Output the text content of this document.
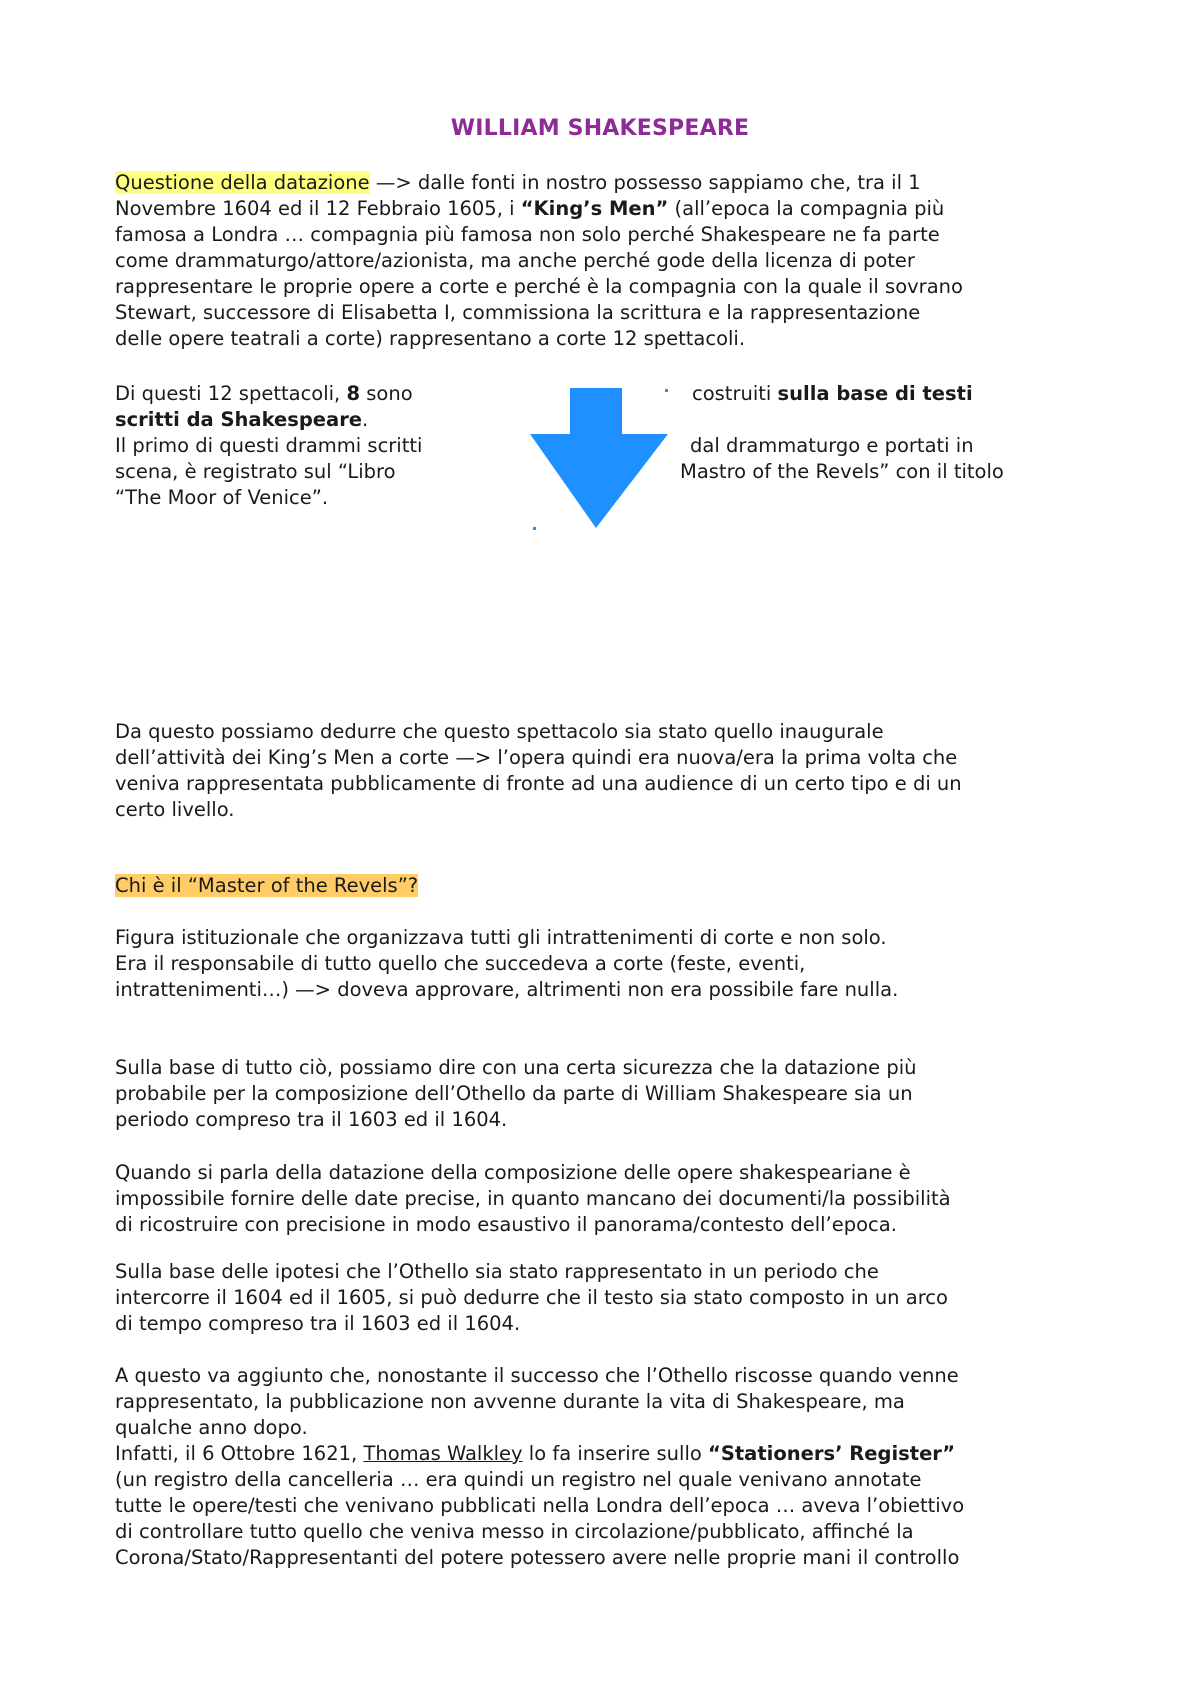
WILLIAM SHAKESPEARE
Questione della datazione —> dalle fonti in nostro possesso sappiamo che, tra il 1
Novembre 1604 ed il 12 Febbraio 1605, i “King’s Men” (all’epoca la compagnia più
famosa a Londra … compagnia più famosa non solo perché Shakespeare ne fa parte
come drammaturgo/attore/azionista, ma anche perché gode della licenza di poter
rappresentare le proprie opere a corte e perché è la compagnia con la quale il sovrano
Stewart, successore di Elisabetta I, commissiona la scrittura e la rappresentazione
delle opere teatrali a corte) rappresentano a corte 12 spettacoli.
Di questi 12 spettacoli, 8 sono	costruiti sulla base di testi
scritti da Shakespeare.
Il primo di questi drammi scritti	dal drammaturgo e portati in
scena, è registrato sul “Libro	Mastro of the Revels” con il titolo
“The Moor of Venice”.
Da questo possiamo dedurre che questo spettacolo sia stato quello inaugurale
dell’attività dei King’s Men a corte —> l’opera quindi era nuova/era la prima volta che
veniva rappresentata pubblicamente di fronte ad una audience di un certo tipo e di un
certo livello.
Chi è il “Master of the Revels”?
Figura istituzionale che organizzava tutti gli intrattenimenti di corte e non solo.
Era il responsabile di tutto quello che succedeva a corte (feste, eventi,
intrattenimenti…) —> doveva approvare, altrimenti non era possibile fare nulla.
Sulla base di tutto ciò, possiamo dire con una certa sicurezza che la datazione più
probabile per la composizione dell’Othello da parte di William Shakespeare sia un
periodo compreso tra il 1603 ed il 1604.
Quando si parla della datazione della composizione delle opere shakespeariane è
impossibile fornire delle date precise, in quanto mancano dei documenti/la possibilità
di ricostruire con precisione in modo esaustivo il panorama/contesto dell’epoca.
Sulla base delle ipotesi che l’Othello sia stato rappresentato in un periodo che
intercorre il 1604 ed il 1605, si può dedurre che il testo sia stato composto in un arco
di tempo compreso tra il 1603 ed il 1604.
A questo va aggiunto che, nonostante il successo che l’Othello riscosse quando venne
rappresentato, la pubblicazione non avvenne durante la vita di Shakespeare, ma
qualche anno dopo.
Infatti, il 6 Ottobre 1621, Thomas Walkley lo fa inserire sullo “Stationers’ Register”
(un registro della cancelleria … era quindi un registro nel quale venivano annotate
tutte le opere/testi che venivano pubblicati nella Londra dell’epoca … aveva l’obiettivo
di controllare tutto quello che veniva messo in circolazione/pubblicato, affinché la
Corona/Stato/Rappresentanti del potere potessero avere nelle proprie mani il controllo
